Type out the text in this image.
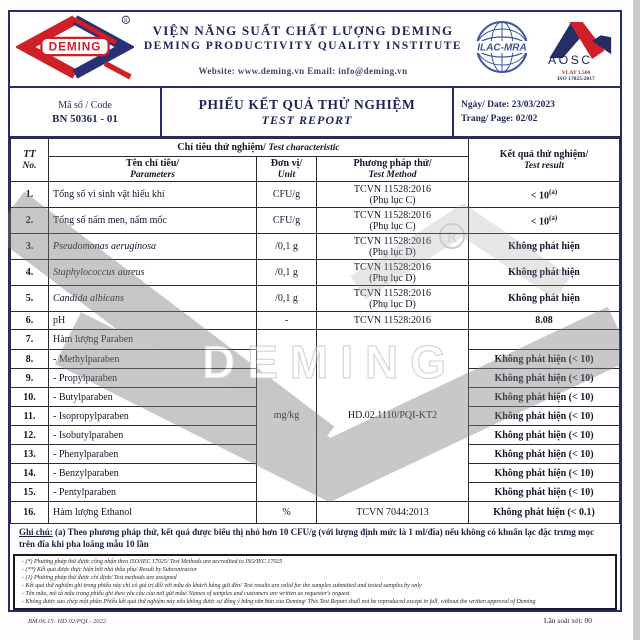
DEMING
R
VIỆN NĂNG SUẤT CHẤT LƯỢNG DEMING
DEMING PRODUCTIVITY QUALITY INSTITUTE
Website: www.deming.vn Email: info@deming.vn
ILAC-MRA
AOSC
VLAT 1.500
ISO 17025:2017
Mã số / Code
BN 50361 - 01
PHIẾU KẾT QUẢ THỬ NGHIỆM
TEST REPORT
Ngày/ Date: 23/03/2023
Trang/ Page: 02/02
TT
No.	Chỉ tiêu thử nghiệm/ Test characteristic			Kết quả thử nghiệm/
Test result
	Tên chỉ tiêu/
Parameters	Đơn vị/
Unit	Phương pháp thử/
Test Method	
1.	Tổng số vi sinh vật hiếu khí	CFU/g	TCVN 11528:2016
(Phụ lục C)	< 10$^{(a)}$
2.	Tổng số nấm men, nấm mốc	CFU/g	TCVN 11528:2016
(Phụ lục C)	< 10$^{(a)}$
3.	Pseudomonas aeruginosa	/0,1 g	TCVN 11528:2016
(Phụ lục D)	Không phát hiện
4.	Staphylococcus aureus	/0,1 g	TCVN 11528:2016
(Phụ lục D)	Không phát hiện
5.	Candida albicans	/0,1 g	TCVN 11528:2016
(Phụ lục D)	Không phát hiện
6.	pH	-	TCVN 11528:2016	8.08
7.	Hàm lượng Paraben	mg/kg	HD.02.1110/PQI-KT2	
8.	- Methylparaben			Không phát hiện (< 10)
9.	- Propylparaben			Không phát hiện (< 10)
10.	- Butylparaben			Không phát hiện (< 10)
11.	- Isopropylparaben			Không phát hiện (< 10)
12.	- Isobutylparaben			Không phát hiện (< 10)
13.	- Phenylparaben			Không phát hiện (< 10)
14.	- Benzylparaben			Không phát hiện (< 10)
15.	- Pentylparaben			Không phát hiện (< 10)
16.	Hàm lượng Ethanol	%	TCVN 7044:2013	Không phát hiện (< 0.1)
Ghi chú: (a) Theo phương pháp thử, kết quả được biểu thị nhỏ hơn 10 CFU/g (với lượng định mức là 1 ml/đĩa) nếu không có khuẩn lạc đặc trưng mọc trên đĩa khi pha loãng mẫu 10 lần
- (*) Phương pháp thử được công nhận theo ISO/IEC 17025/ Test Methods are accredited to ISO/IEC 17025
- (**) Kết quả được thực hiện bởi nhà thầu phụ/ Result by Subcontractor
- (1) Phương pháp thử được chỉ định/ Test methods are assigned
- Kết quả thử nghiệm ghi trong phiếu này chỉ có giá trị đối với mẫu do khách hàng gửi đến/ Test results are valid for the samples submitted and tested samples by only
- Tên mẫu, mô tả mẫu trong phiếu ghi theo yêu cầu của nơi gửi mẫu/ Names of samples and customers are written as requester's request
- Không được sao chép một phần Phiếu kết quả thử nghiệm này nếu không được sự đồng ý bằng văn bản của Deming/ This Test Report shall not be reproduced except in full, without the written approval of Deming
R
DEMING
BM.06.15: HD.02/PQI - 2022	Lần soát xét: 00
